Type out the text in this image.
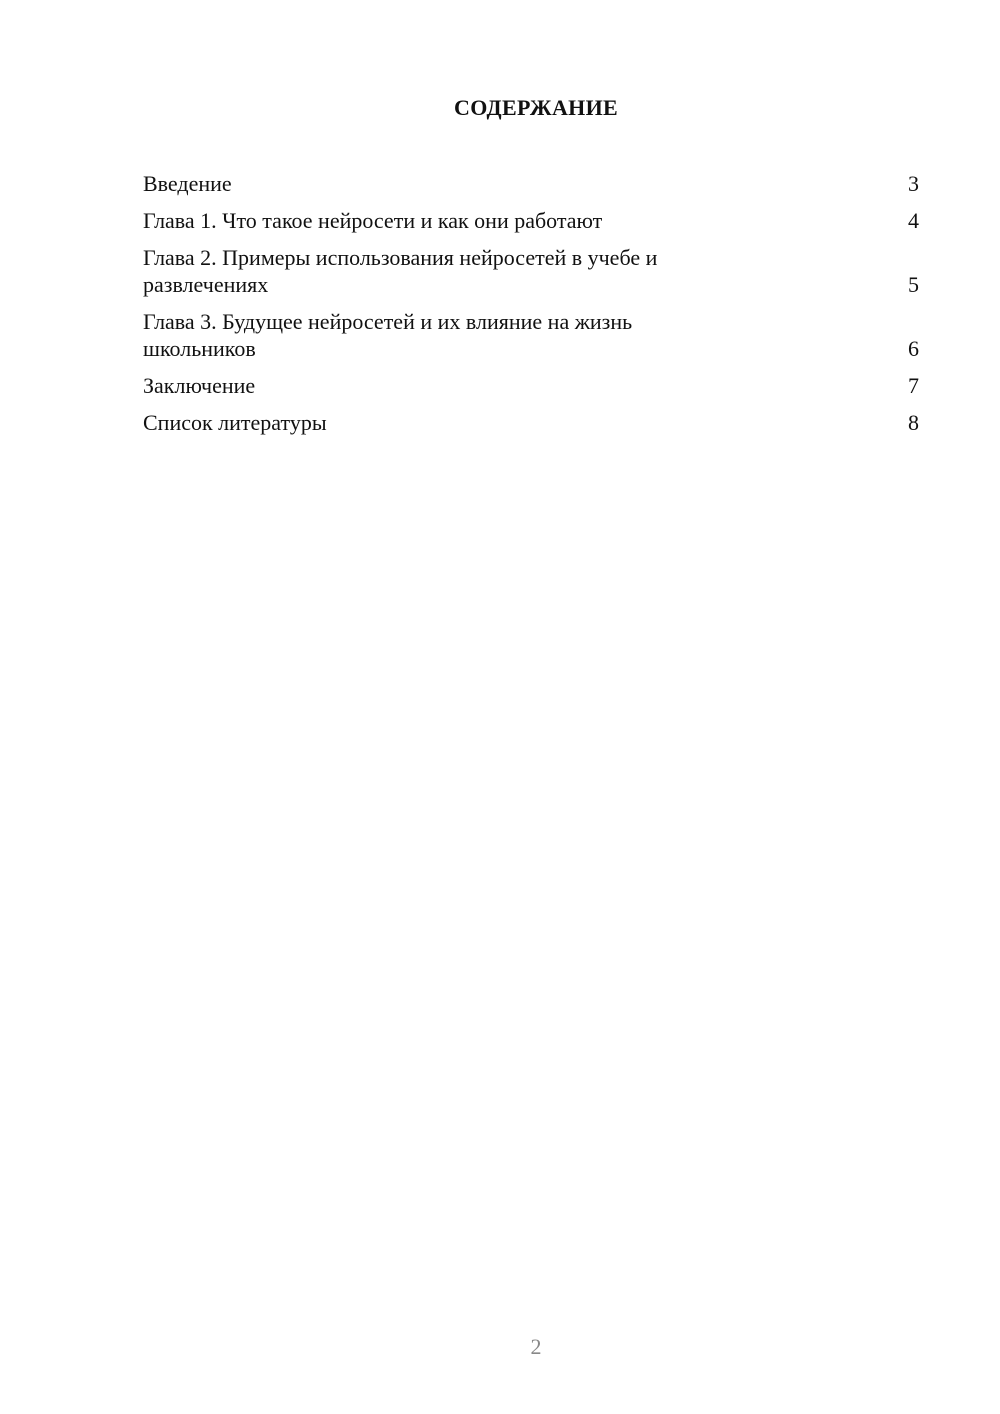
СОДЕРЖАНИЕ
Введение	3
Глава 1. Что такое нейросети и как они работают	4
Глава 2. Примеры использования нейросетей в учебе и развлечениях	5
Глава 3. Будущее нейросетей и их влияние на жизнь школьников	6
Заключение	7
Список литературы	8
2
